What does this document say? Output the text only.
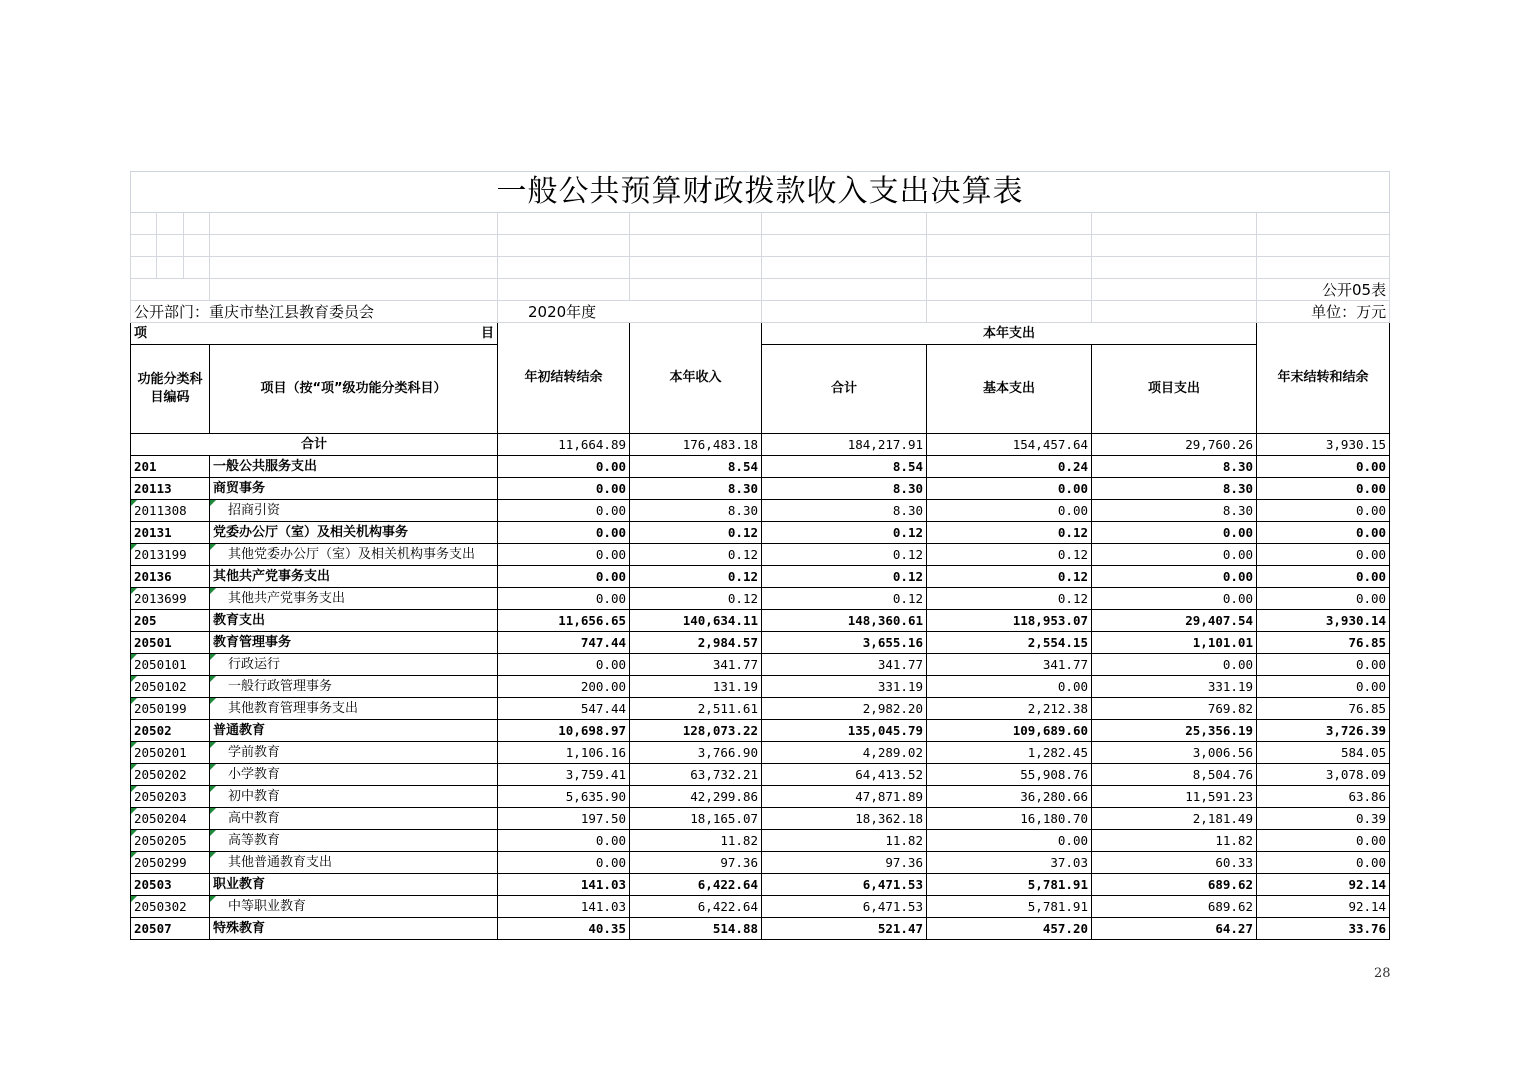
一般公共预算财政拨款收入支出决算表									

									公开05表
公开部门：重庆市垫江县教育委员会				2020年度					单位：万元
项 目				年初结转结余	本年收入	本年支出			年末结转和结余
功能分类科目编码			项目（按“项”级功能分类科目）			合计	基本支出	项目支出	
合计				11,664.89	176,483.18	184,217.91	154,457.64	29,760.26	3,930.15
201			一般公共服务支出	0.00	8.54	8.54	0.24	8.30	0.00
20113			商贸事务	0.00	8.30	8.30	0.00	8.30	0.00
2011308			招商引资	0.00	8.30	8.30	0.00	8.30	0.00
20131			党委办公厅（室）及相关机构事务	0.00	0.12	0.12	0.12	0.00	0.00
2013199			其他党委办公厅（室）及相关机构事务支出	0.00	0.12	0.12	0.12	0.00	0.00
20136			其他共产党事务支出	0.00	0.12	0.12	0.12	0.00	0.00
2013699			其他共产党事务支出	0.00	0.12	0.12	0.12	0.00	0.00
205			教育支出	11,656.65	140,634.11	148,360.61	118,953.07	29,407.54	3,930.14
20501			教育管理事务	747.44	2,984.57	3,655.16	2,554.15	1,101.01	76.85
2050101			行政运行	0.00	341.77	341.77	341.77	0.00	0.00
2050102			一般行政管理事务	200.00	131.19	331.19	0.00	331.19	0.00
2050199			其他教育管理事务支出	547.44	2,511.61	2,982.20	2,212.38	769.82	76.85
20502			普通教育	10,698.97	128,073.22	135,045.79	109,689.60	25,356.19	3,726.39
2050201			学前教育	1,106.16	3,766.90	4,289.02	1,282.45	3,006.56	584.05
2050202			小学教育	3,759.41	63,732.21	64,413.52	55,908.76	8,504.76	3,078.09
2050203			初中教育	5,635.90	42,299.86	47,871.89	36,280.66	11,591.23	63.86
2050204			高中教育	197.50	18,165.07	18,362.18	16,180.70	2,181.49	0.39
2050205			高等教育	0.00	11.82	11.82	0.00	11.82	0.00
2050299			其他普通教育支出	0.00	97.36	97.36	37.03	60.33	0.00
20503			职业教育	141.03	6,422.64	6,471.53	5,781.91	689.62	92.14
2050302			中等职业教育	141.03	6,422.64	6,471.53	5,781.91	689.62	92.14
20507			特殊教育	40.35	514.88	521.47	457.20	64.27	33.76
28
